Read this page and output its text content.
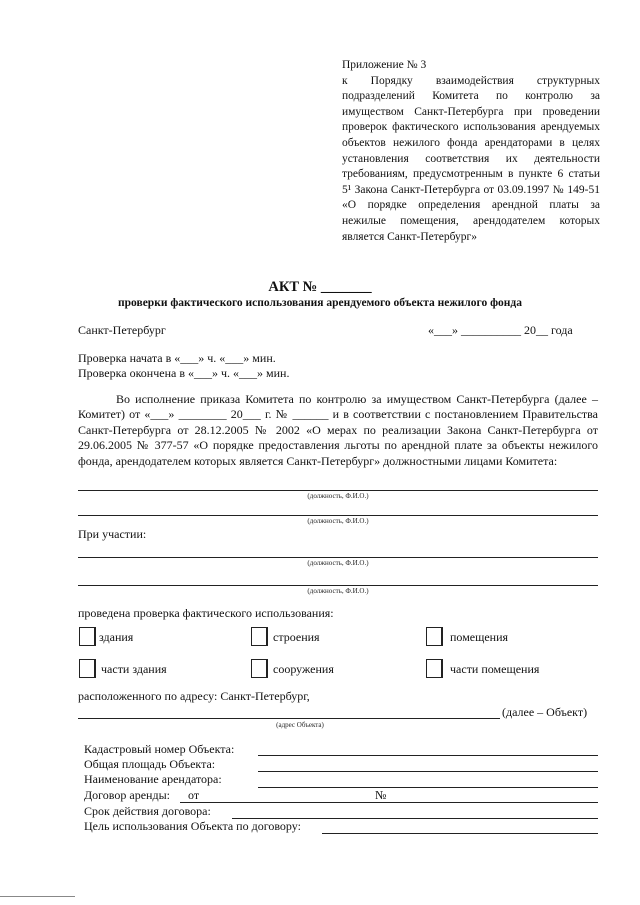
Приложение № 3
к Порядку взаимодействия структурных подразделений Комитета по контролю за имуществом Санкт-Петербурга при проведении проверок фактического использования арендуемых объектов нежилого фонда арендаторами в целях установления соответствия их деятельности требованиям, предусмотренным в пункте 6 статьи 5¹ Закона Санкт-Петербурга от 03.09.1997 № 149-51 «О порядке определения арендной платы за нежилые помещения, арендодателем которых является Санкт-Петербург»
АКТ № _______
проверки фактического использования арендуемого объекта нежилого фонда
Санкт-Петербург	«___» __________ 20__ года
Проверка начата в «___» ч. «___» мин.
Проверка окончена в «___» ч. «___» мин.
Во исполнение приказа Комитета по контролю за имуществом Санкт-Петербурга (далее – Комитет) от «___» ________ 20___ г. № ______ и в соответствии с постановлением Правительства Санкт-Петербурга от 28.12.2005 № 2002 «О мерах по реализации Закона Санкт-Петербурга от 29.06.2005 № 377-57 «О порядке предоставления льготы по арендной плате за объекты нежилого фонда, арендодателем которых является Санкт-Петербург» должностными лицами Комитета:
(должность, Ф.И.О.)
(должность, Ф.И.О.)
При участии:
(должность, Ф.И.О.)
(должность, Ф.И.О.)
проведена проверка фактического использования:
здания	строения	помещения
части здания	сооружения	части помещения
расположенного по адресу: Санкт-Петербург,
(адрес Объекта)
(далее – Объект)
Кадастровый номер Объекта:
Общая площадь Объекта:
Наименование арендатора:
Договор аренды: от	№
Срок действия договора:
Цель использования Объекта по договору:
